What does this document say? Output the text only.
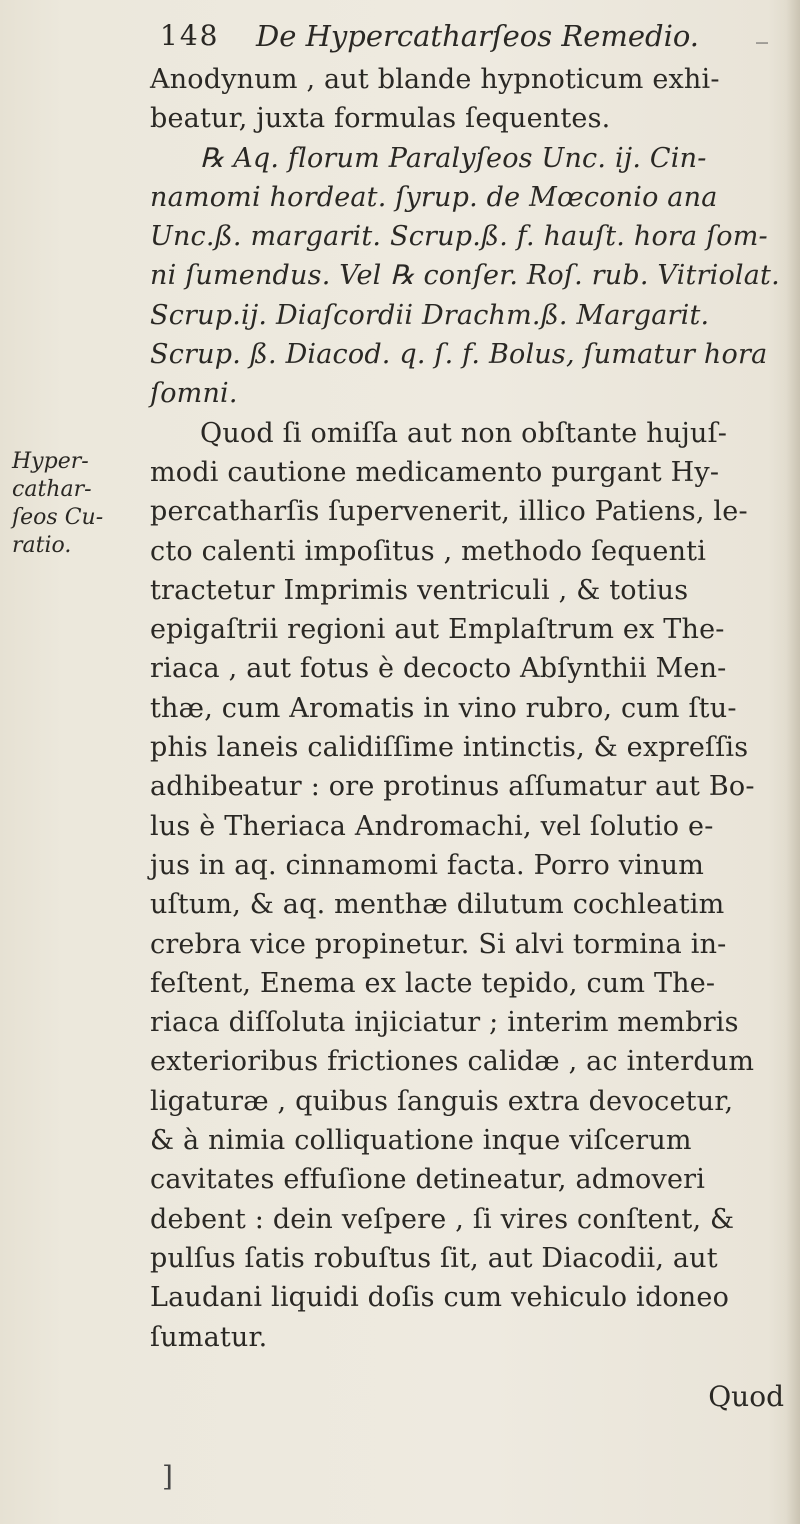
148 De Hypercatharſeos Remedio. _
Hyper-
cathar-
ſeos Cu-
ratio.
Anodynum , aut blande hypnoticum exhi-
beatur, juxta formulas ſequentes.
℞ Aq. florum Paralyſeos Unc. ij. Cin-
namomi hordeat. ſyrup. de Mœconio ana
Unc.ß. margarit. Scrup.ß. f. hauſt. hora ſom-
ni ſumendus. Vel ℞ conſer. Roſ. rub. Vitriolat.
Scrup.ij. Diaſcordii Drachm.ß. Margarit.
Scrup. ß. Diacod. q. ſ. f. Bolus, ſumatur hora
ſomni.
Quod ſi omiſſa aut non obſtante hujuſ-
modi cautione medicamento purgant Hy-
percatharſis ſupervenerit, illico Patiens, le-
cto calenti impoſitus , methodo ſequenti
tractetur Imprimis ventriculi , & totius
epigaſtrii regioni aut Emplaſtrum ex The-
riaca , aut fotus è decocto Abſynthii Men-
thæ, cum Aromatis in vino rubro, cum ſtu-
phis laneis calidiſſime intinctis, & expreſſis
adhibeatur : ore protinus aſſumatur aut Bo-
lus è Theriaca Andromachi, vel ſolutio e-
jus in aq. cinnamomi facta. Porro vinum
uſtum, & aq. menthæ dilutum cochleatim
crebra vice propinetur. Si alvi tormina in-
feſtent, Enema ex lacte tepido, cum The-
riaca diſſoluta injiciatur ; interim membris
exterioribus frictiones calidæ , ac interdum
ligaturæ , quibus ſanguis extra devocetur,
& à nimia colliquatione inque viſcerum
cavitates effuſione detineatur, admoveri
debent : dein veſpere , ſi vires conſtent, &
pulſus ſatis robuſtus ſit, aut Diacodii, aut
Laudani liquidi doſis cum vehiculo idoneo
ſumatur.
Quod
]
